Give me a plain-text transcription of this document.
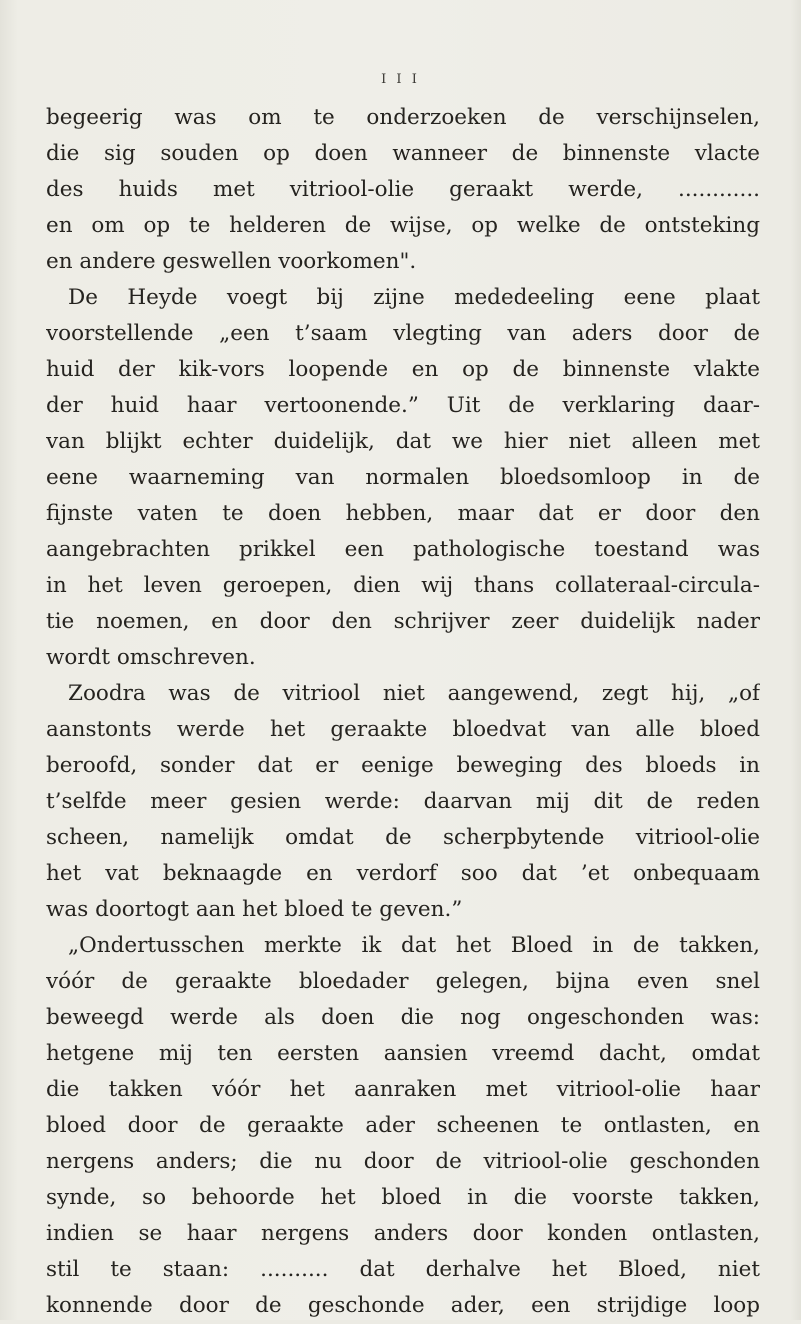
I I I
begeerig was om te onderzoeken de verschijnselen,
die sig souden op doen wanneer de binnenste vlacte
des huids met vitriool-olie geraakt werde, ............
en om op te helderen de wijse, op welke de ontsteking
en andere geswellen voorkomen".
De Heyde voegt bij zijne mededeeling eene plaat
voorstellende „een t’saam vlegting van aders door de
huid der kik-vors loopende en op de binnenste vlakte
der huid haar vertoonende.” Uit de verklaring daar-
van blijkt echter duidelijk, dat we hier niet alleen met
eene waarneming van normalen bloedsomloop in de
fijnste vaten te doen hebben, maar dat er door den
aangebrachten prikkel een pathologische toestand was
in het leven geroepen, dien wij thans collateraal-circula-
tie noemen, en door den schrijver zeer duidelijk nader
wordt omschreven.
Zoodra was de vitriool niet aangewend, zegt hij, „of
aanstonts werde het geraakte bloedvat van alle bloed
beroofd, sonder dat er eenige beweging des bloeds in
t’selfde meer gesien werde: daarvan mij dit de reden
scheen, namelijk omdat de scherpbytende vitriool-olie
het vat beknaagde en verdorf soo dat ’et onbequaam
was doortogt aan het bloed te geven.”
„Ondertusschen merkte ik dat het Bloed in de takken,
vóór de geraakte bloedader gelegen, bijna even snel
beweegd werde als doen die nog ongeschonden was:
hetgene mij ten eersten aansien vreemd dacht, omdat
die takken vóór het aanraken met vitriool-olie haar
bloed door de geraakte ader scheenen te ontlasten, en
nergens anders; die nu door de vitriool-olie geschonden
synde, so behoorde het bloed in die voorste takken,
indien se haar nergens anders door konden ontlasten,
stil te staan: .......... dat derhalve het Bloed, niet
konnende door de geschonde ader, een strijdige loop
